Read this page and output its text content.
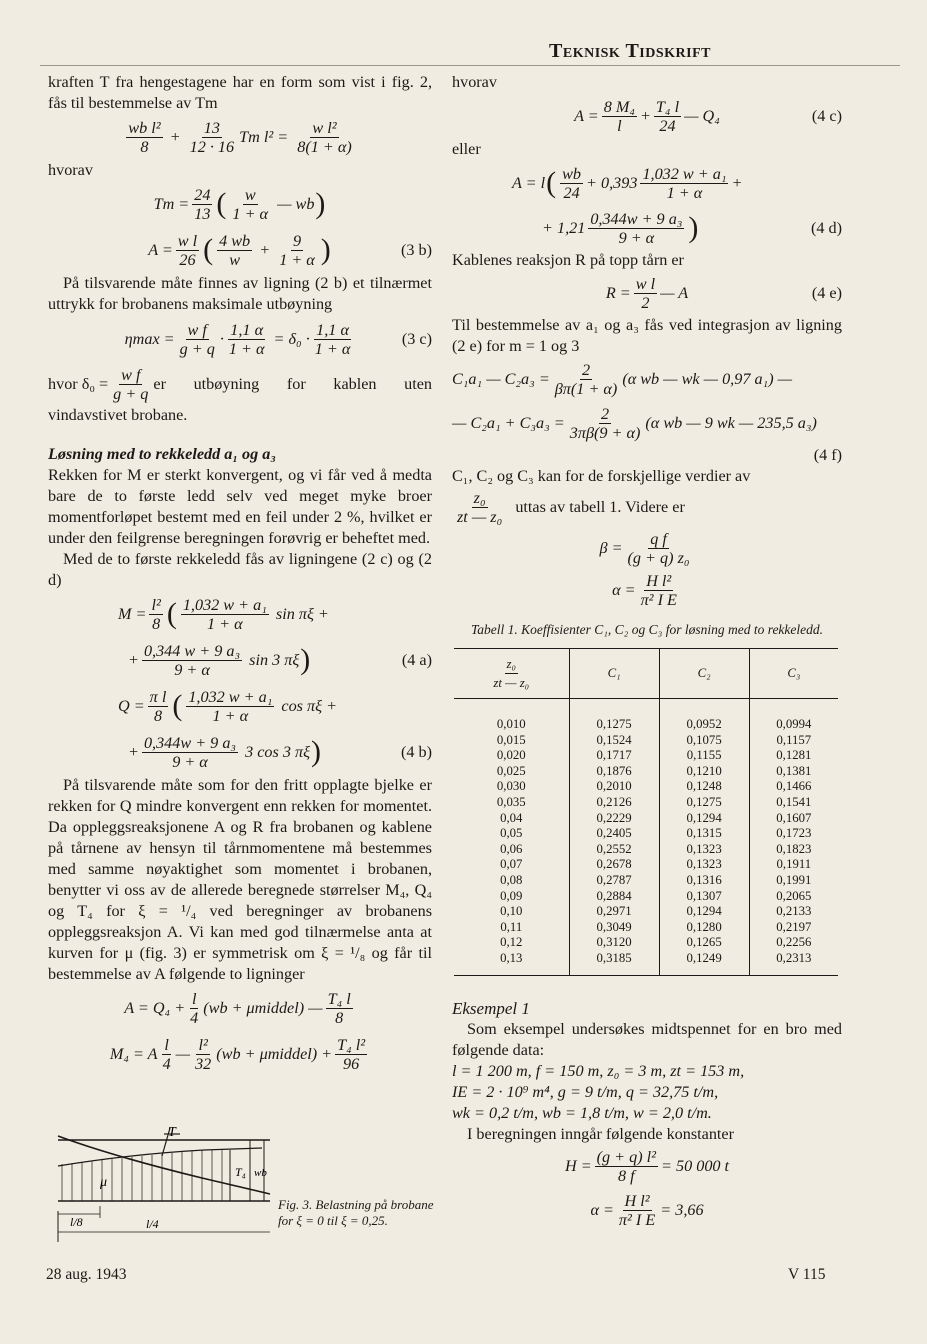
Teknisk Tidskrift

kraften T fra hengestagene har en form som vist i fig. 2, fås til bestemmelse av Tm

$\frac{\text{wb l²}}{8} + \frac{13}{12 \cdot 16}$ Tm $l^2 = \frac{\text{w l²}}{8(1 + \alpha)}$

hvorav

$Tm = \frac{24}{13}$ ( $\frac{w}{1 + \alpha}$
— wb )
$A = \frac{\text{w l}}{26}$ ( $\frac{4 wb}{w} + \frac{9}{1 + \alpha}$ )	(3 b)

På tilsvarende måte finnes av ligning (2 b) et tilnærmet uttrykk for brobanens maksimale utbøyning

$\eta\max = \frac{\text{w f}}{g + q} \cdot \frac{1,1 \alpha}{1 + \alpha}$
= $\delta_0 \cdot \frac{1,1 \alpha}{1 + \alpha}$	(3 c)
hvor $\delta_0 = \frac{\text{w f}}{g + q}$ er utbøyning for kablen uten

vindavstivet brobane.

Løsning med to rekkeledd a₁ og a₃

Rekken for M er sterkt konvergent, og vi får ved å medta bare de to første ledd selv ved meget myke broer momentforløpet bestemt med en feil under 2 %, hvilket er under den feilgrense beregningen forøvrig er beheftet med.

Med de to første rekkeledd fås av ligningene (2 c) og (2 d)

$M = \frac{\text{l²}}{8}$ ( $\frac{\text{1,032 w + a₁}}{1 + \alpha}$
sin πξ +
+ $\frac{\text{0,344 w + 9 a₃}}{9 + \alpha}$
sin 3 πξ )	(4 a)
$Q = \frac{\text{π l}}{8}$ ( $\frac{\text{1,032 w + a₁}}{1 + \alpha}$
cos πξ +
+ $\frac{\text{0,344w + 9 a₃}}{9 + \alpha}$
3 cos 3 πξ )	(4 b)

På tilsvarende måte som for den fritt opplagte bjelke er rekken for Q mindre konvergent enn rekken for momentet. Da oppleggsreaksjonene A og R fra brobanen og kablene på tårnene av hensyn til tårnmomentene må bestemmes med samme nøyaktighet som momentet i brobanen, benytter vi oss av de allerede beregnede størrelser M₄, Q₄ og T₄ for ξ = ¹/₄ ved beregninger av brobanens oppleggsreaksjon A. Vi kan med god tilnærmelse anta at kurven for μ (fig. 3) er symmetrisk om ξ = ¹/₈ og får til bestemmelse av A følgende to ligninger

$A = Q_4 + \frac{l}{4} (wb$ + μmiddel) — $\frac{\text{T₄ l}}{8}$
M₄ = A $\frac{l}{4}$ — $\frac{\text{l²}}{32} (wb$ + μmiddel) + $\frac{\text{T₄ l²}}{96}$
T
μ
T₄ wb
l/8	l/4
Fig. 3. Belastning på brobane for ξ = 0 til ξ = 0,25.

hvorav

$A = \frac{\text{8 M₄}}{l} + \frac{\text{T₄ l}}{24}$ — Q₄	(4 c)

eller

A = l ( $\frac{wb}{24} + 0,393 \frac{\text{1,032 w + a₁}}{1 + \alpha}$ +
+ $1,21 \frac{\text{0,344w + 9 a₃}}{9 + \alpha}$ )	(4 d)

Kablenes reaksjon R på topp tårn er

$R = \frac{\text{w l}}{2}$ — A	(4 e)

Til bestemmelse av a₁ og a₃ fås ved integrasjon av ligning (2 e) for m = 1 og 3

C₁a₁ — $C_2a_3 = \frac{2}{\beta\pi(1 + \alpha)} (\alpha$ wb — wk — 0,97 a₁) —
— $C_2a_1 + C_3a_3 = \frac{2}{3\pi\beta(9 + \alpha)} (\alpha$ wb — 9 wk — 235,5 a₃)
(4 f)

C₁, C₂ og C₃ kan for de forskjellige verdier av

$\frac{\text{z₀}}{\text{zt — z₀}}$
uttas av tabell 1. Videre er
$\beta = \frac{\text{q f}}{\text{(g + q) z₀}}$
$\alpha = \frac{\text{H l²}}{\text{π² I E}}$
Tabell 1. Koeffisienter C₁, C₂ og C₃ for løsning med to rekkeledd.
$\frac{\text{z₀}}{\text{zt — z₀}}$	C₁	C₂	C₃

0,010	0,1275	0,0952	0,0994
0,015	0,1524	0,1075	0,1157
0,020	0,1717	0,1155	0,1281
0,025	0,1876	0,1210	0,1381
0,030	0,2010	0,1248	0,1466
0,035	0,2126	0,1275	0,1541
0,04	0,2229	0,1294	0,1607
0,05	0,2405	0,1315	0,1723
0,06	0,2552	0,1323	0,1823
0,07	0,2678	0,1323	0,1911
0,08	0,2787	0,1316	0,1991
0,09	0,2884	0,1307	0,2065
0,10	0,2971	0,1294	0,2133
0,11	0,3049	0,1280	0,2197
0,12	0,3120	0,1265	0,2256
0,13	0,3185	0,1249	0,2313

Eksempel 1

Som eksempel undersøkes midtspennet for en bro med følgende data:

l = 1 200 m, f = 150 m, z₀ = 3 m, zt = 153 m,

IE = 2 · 10⁹ m⁴, g = 9 t/m, q = 32,75 t/m,

wk = 0,2 t/m, wb = 1,8 t/m, w = 2,0 t/m.

I beregningen inngår følgende konstanter

$H = \frac{\text{(g + q) l²}}{8 f} = 50$ 000 t
$\alpha = \frac{\text{H l²}}{\text{π² I E}} = 3,66$
28 aug. 1943	V 115
